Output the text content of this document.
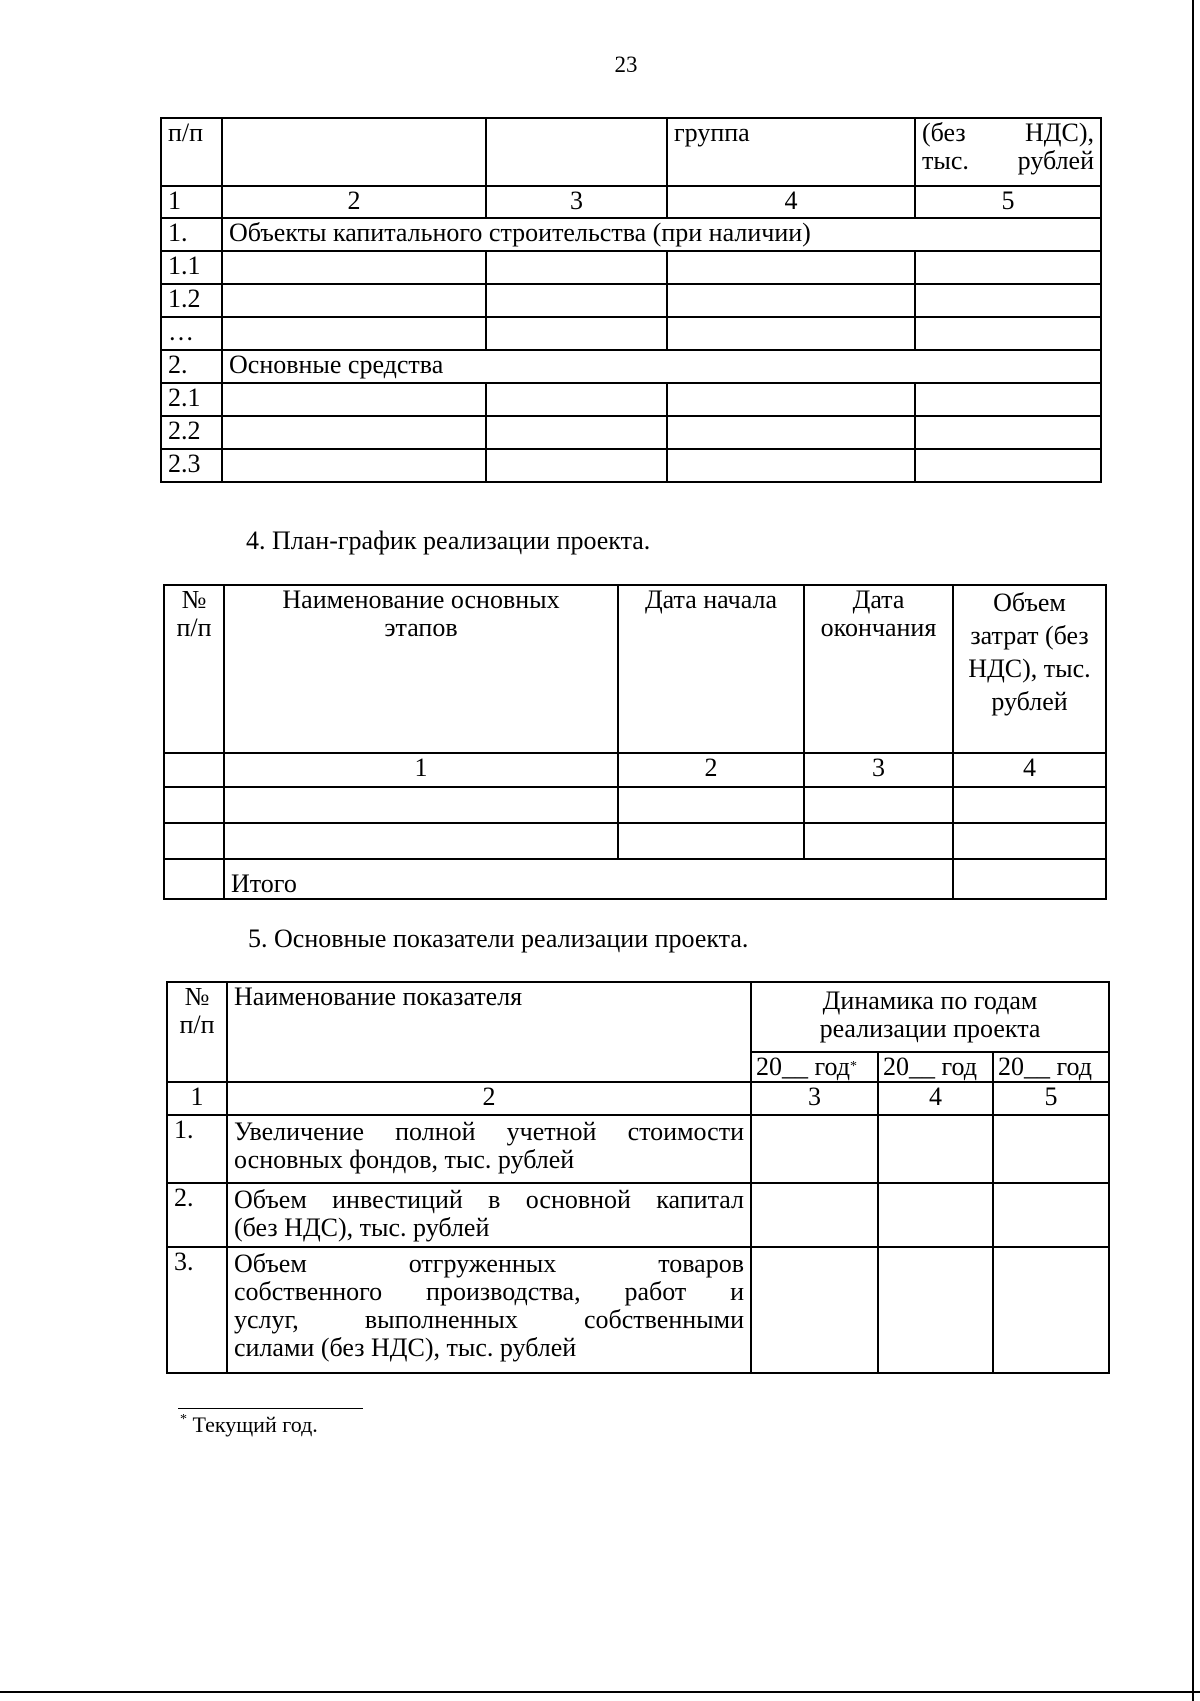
23
п/п			группа	(без НДС), тыс. рублей
1	2	3	4	5
1.	Объекты капитального строительства (при наличии)			
1.1				
1.2				
…				
2.	Основные средства			
2.1				
2.2				
2.3				
4. План-график реализации проекта.
№ п/п	Наименование основных этапов	Дата начала	Дата окончания	Объем затрат (без НДС), тыс. рублей
	1	2	3	4

	Итого			
5. Основные показатели реализации проекта.
№ п/п	Наименование показателя	Динамика по годам реализации проекта		
		20__ год*	20__ год	20__ год
1	2	3	4	5
1.	Увеличение полной учетной стоимости
основных фондов, тыс. рублей			

2.	Объем инвестиций в основной капитал
(без НДС), тыс. рублей			

3.	Объем отгруженных товаров
собственного производства, работ и
услуг, выполненных собственными
силами (без НДС), тыс. рублей			

* Текущий год.
